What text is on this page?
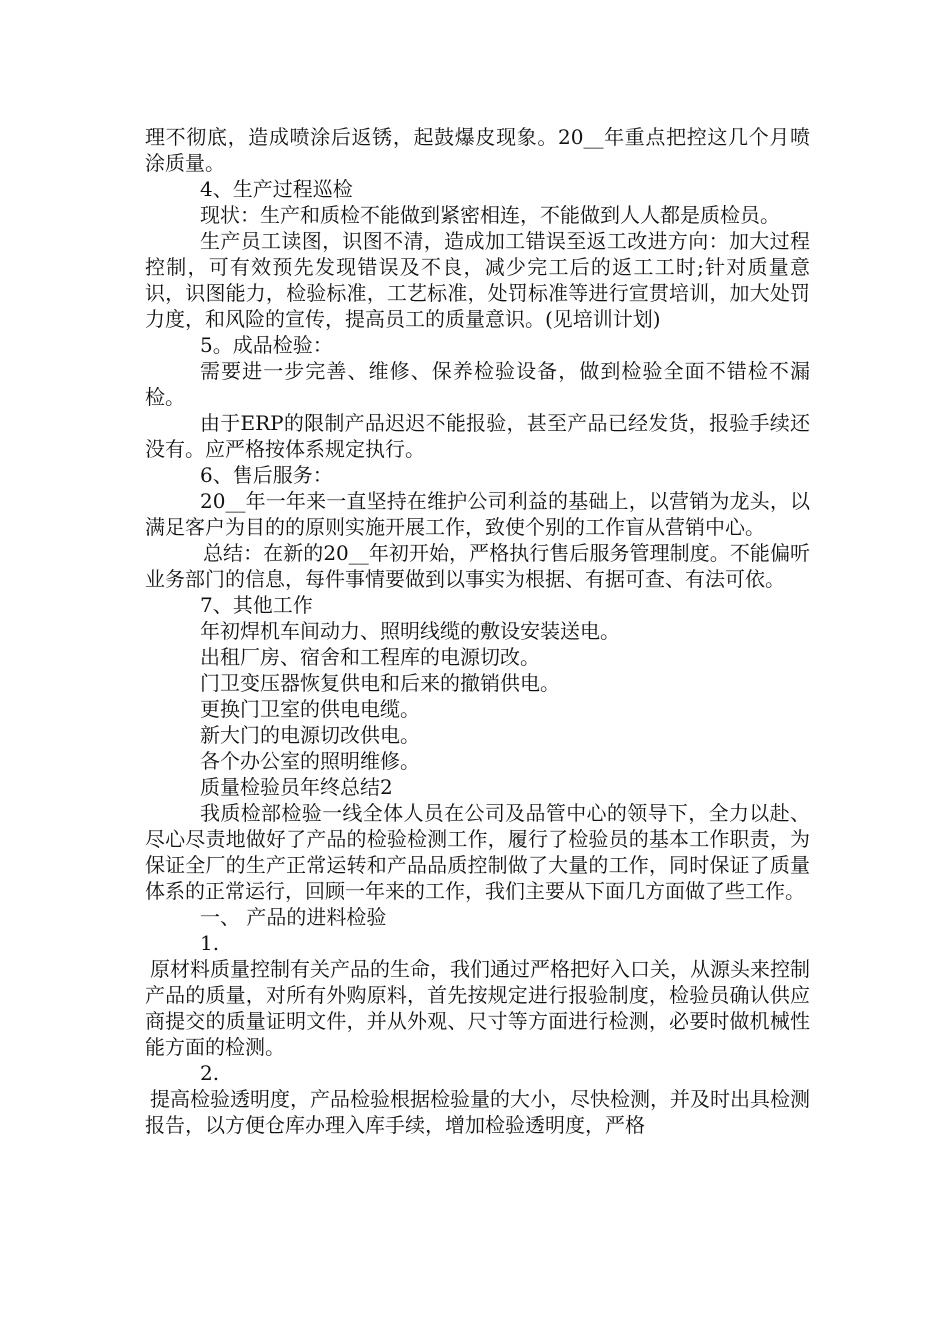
理不彻底，造成喷涂后返锈，起鼓爆皮现象。20__年重点把控这几个月喷涂质量。

4、生产过程巡检

现状：生产和质检不能做到紧密相连，不能做到人人都是质检员。

生产员工读图，识图不清，造成加工错误至返工改进方向：加大过程控制，可有效预先发现错误及不良，减少完工后的返工工时;针对质量意识，识图能力，检验标准，工艺标准，处罚标准等进行宣贯培训，加大处罚力度，和风险的宣传，提高员工的质量意识。(见培训计划)

5。成品检验：

需要进一步完善、维修、保养检验设备，做到检验全面不错检不漏检。

由于ERP的限制产品迟迟不能报验，甚至产品已经发货，报验手续还没有。应严格按体系规定执行。

6、售后服务：

20__年一年来一直坚持在维护公司利益的基础上，以营销为龙头，以满足客户为目的的原则实施开展工作，致使个别的工作盲从营销中心。

总结：在新的20__年初开始，严格执行售后服务管理制度。不能偏听业务部门的信息，每件事情要做到以事实为根据、有据可查、有法可依。

7、其他工作

年初焊机车间动力、照明线缆的敷设安装送电。

出租厂房、宿舍和工程库的电源切改。

门卫变压器恢复供电和后来的撤销供电。

更换门卫室的供电电缆。

新大门的电源切改供电。

各个办公室的照明维修。

质量检验员年终总结2

我质检部检验一线全体人员在公司及品管中心的领导下，全力以赴、尽心尽责地做好了产品的检验检测工作，履行了检验员的基本工作职责，为保证全厂的生产正常运转和产品品质控制做了大量的工作，同时保证了质量体系的正常运行，回顾一年来的工作，我们主要从下面几方面做了些工作。

一、 产品的进料检验

1.

原材料质量控制有关产品的生命，我们通过严格把好入口关，从源头来控制产品的质量，对所有外购原料，首先按规定进行报验制度，检验员确认供应商提交的质量证明文件，并从外观、尺寸等方面进行检测，必要时做机械性能方面的检测。

2.

提高检验透明度，产品检验根据检验量的大小，尽快检测，并及时出具检测报告，以方便仓库办理入库手续，增加检验透明度，严格
